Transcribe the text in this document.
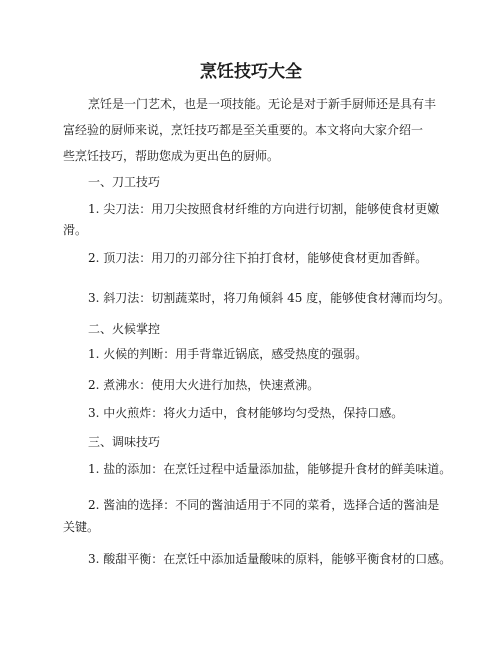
烹饪技巧大全

烹饪是一门艺术，也是一项技能。无论是对于新手厨师还是具有丰

富经验的厨师来说，烹饪技巧都是至关重要的。本文将向大家介绍一

些烹饪技巧，帮助您成为更出色的厨师。

一、刀工技巧

1. 尖刀法：用刀尖按照食材纤维的方向进行切割，能够使食材更嫩

滑。

2. 顶刀法：用刀的刃部分往下拍打食材，能够使食材更加香鲜。

3. 斜刀法：切割蔬菜时，将刀角倾斜 45 度，能够使食材薄而均匀。

二、火候掌控

1. 火候的判断：用手背靠近锅底，感受热度的强弱。

2. 煮沸水：使用大火进行加热，快速煮沸。

3. 中火煎炸：将火力适中，食材能够均匀受热，保持口感。

三、调味技巧

1. 盐的添加：在烹饪过程中适量添加盐，能够提升食材的鲜美味道。

2. 酱油的选择：不同的酱油适用于不同的菜肴，选择合适的酱油是

关键。

3. 酸甜平衡：在烹饪中添加适量酸味的原料，能够平衡食材的口感。
